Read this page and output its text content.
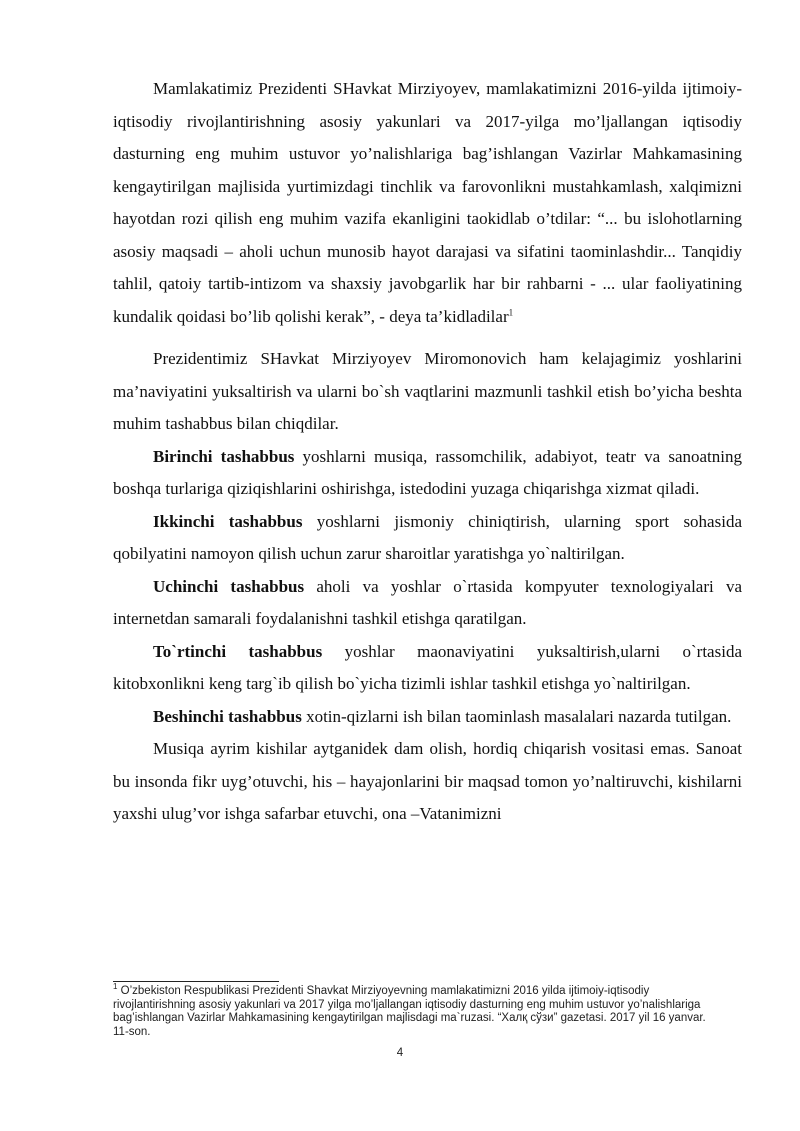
Mamlakatimiz Prezidenti SHavkat Mirziyoyev, mamlakatimizni 2016-yilda ijtimoiy-iqtisodiy rivojlantirishning asosiy yakunlari va 2017-yilga mo’ljallangan iqtisodiy dasturning eng muhim ustuvor yo’nalishlariga bag’ishlangan Vazirlar Mahkamasining kengaytirilgan majlisida yurtimizdagi tinchlik va farovonlikni mustahkamlash, xalqimizni hayotdan rozi qilish eng muhim vazifa ekanligini taokidlab o’tdilar: “... bu islohotlarning asosiy maqsadi – aholi uchun munosib hayot darajasi va sifatini taominlashdir... Tanqidiy tahlil, qatoiy tartib-intizom va shaxsiy javobgarlik har bir rahbarni - ... ular faoliyatining kundalik qoidasi bo’lib qolishi kerak”, - deya ta’kidladilar$^1$

Prezidentimiz SHavkat Mirziyoyev Miromonovich ham kelajagimiz yoshlarini ma’naviyatini yuksaltirish va ularni bo`sh vaqtlarini mazmunli tashkil etish bo’yicha beshta muhim tashabbus bilan chiqdilar.

Birinchi tashabbus yoshlarni musiqa, rassomchilik, adabiyot, teatr va sanoatning boshqa turlariga qiziqishlarini oshirishga, istedodini yuzaga chiqarishga xizmat qiladi.

Ikkinchi tashabbus yoshlarni jismoniy chiniqtirish, ularning sport sohasida qobilyatini namoyon qilish uchun zarur sharoitlar yaratishga yo`naltirilgan.

Uchinchi tashabbus aholi va yoshlar o`rtasida kompyuter texnologiyalari va internetdan samarali foydalanishni tashkil etishga qaratilgan.

To`rtinchi tashabbus yoshlar maonaviyatini yuksaltirish,ularni o`rtasida kitobxonlikni keng targ`ib qilish bo`yicha tizimli ishlar tashkil etishga yo`naltirilgan.

Beshinchi tashabbus xotin-qizlarni ish bilan taominlash masalalari nazarda tutilgan.

Musiqa ayrim kishilar aytganidek dam olish, hordiq chiqarish vositasi emas. Sanoat bu insonda fikr uyg’otuvchi, his – hayajonlarini bir maqsad tomon yo’naltiruvchi, kishilarni yaxshi ulug’vor ishga safarbar etuvchi, ona –Vatanimizni

$^1$ O’zbekiston Respublikasi Prezidenti Shavkat Mirziyoyevning mamlakatimizni 2016 yilda ijtimoiy-iqtisodiy rivojlantirishning asosiy yakunlari va 2017 yilga mo’ljallangan iqtisodiy dasturning eng muhim ustuvor yo’nalishlariga bag’ishlangan Vazirlar Mahkamasining kengaytirilgan majlisdagi ma`ruzasi. “Халқ сўзи” gazetasi. 2017 yil 16 yanvar. 11-son.
4
